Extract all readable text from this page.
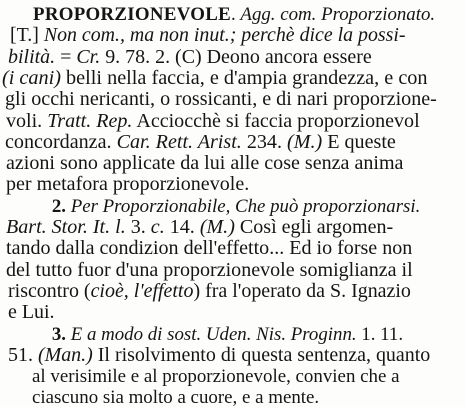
PROPORZIONEVOLE. Agg. com. Proporzionato.
[T.] Non com., ma non inut.; perchè dice la possi-
bilità. = Cr. 9. 78. 2. (C) Deono ancora essere
(i cani) belli nella faccia, e d'ampia grandezza, e con
gli occhi nericanti, o rossicanti, e di nari proporzione-
voli. Tratt. Rep. Acciocchè si faccia proporzionevol
concordanza. Car. Rett. Arist. 234. (M.) E queste
azioni sono applicate da lui alle cose senza anima
per metafora proporzionevole.
2. Per Proporzionabile, Che può proporzionarsi.
Bart. Stor. It. l. 3. c. 14. (M.) Così egli argomen-
tando dalla condizion dell'effetto... Ed io forse non
del tutto fuor d'una proporzionevole somiglianza il
riscontro (cioè, l'effetto) fra l'operato da S. Ignazio
e Lui.
3. E a modo di sost. Uden. Nis. Proginn. 1. 11.
51. (Man.) Il risolvimento di questa sentenza, quanto
al verisimile e al proporzionevole, convien che a
ciascuno sia molto a cuore, e a mente.
